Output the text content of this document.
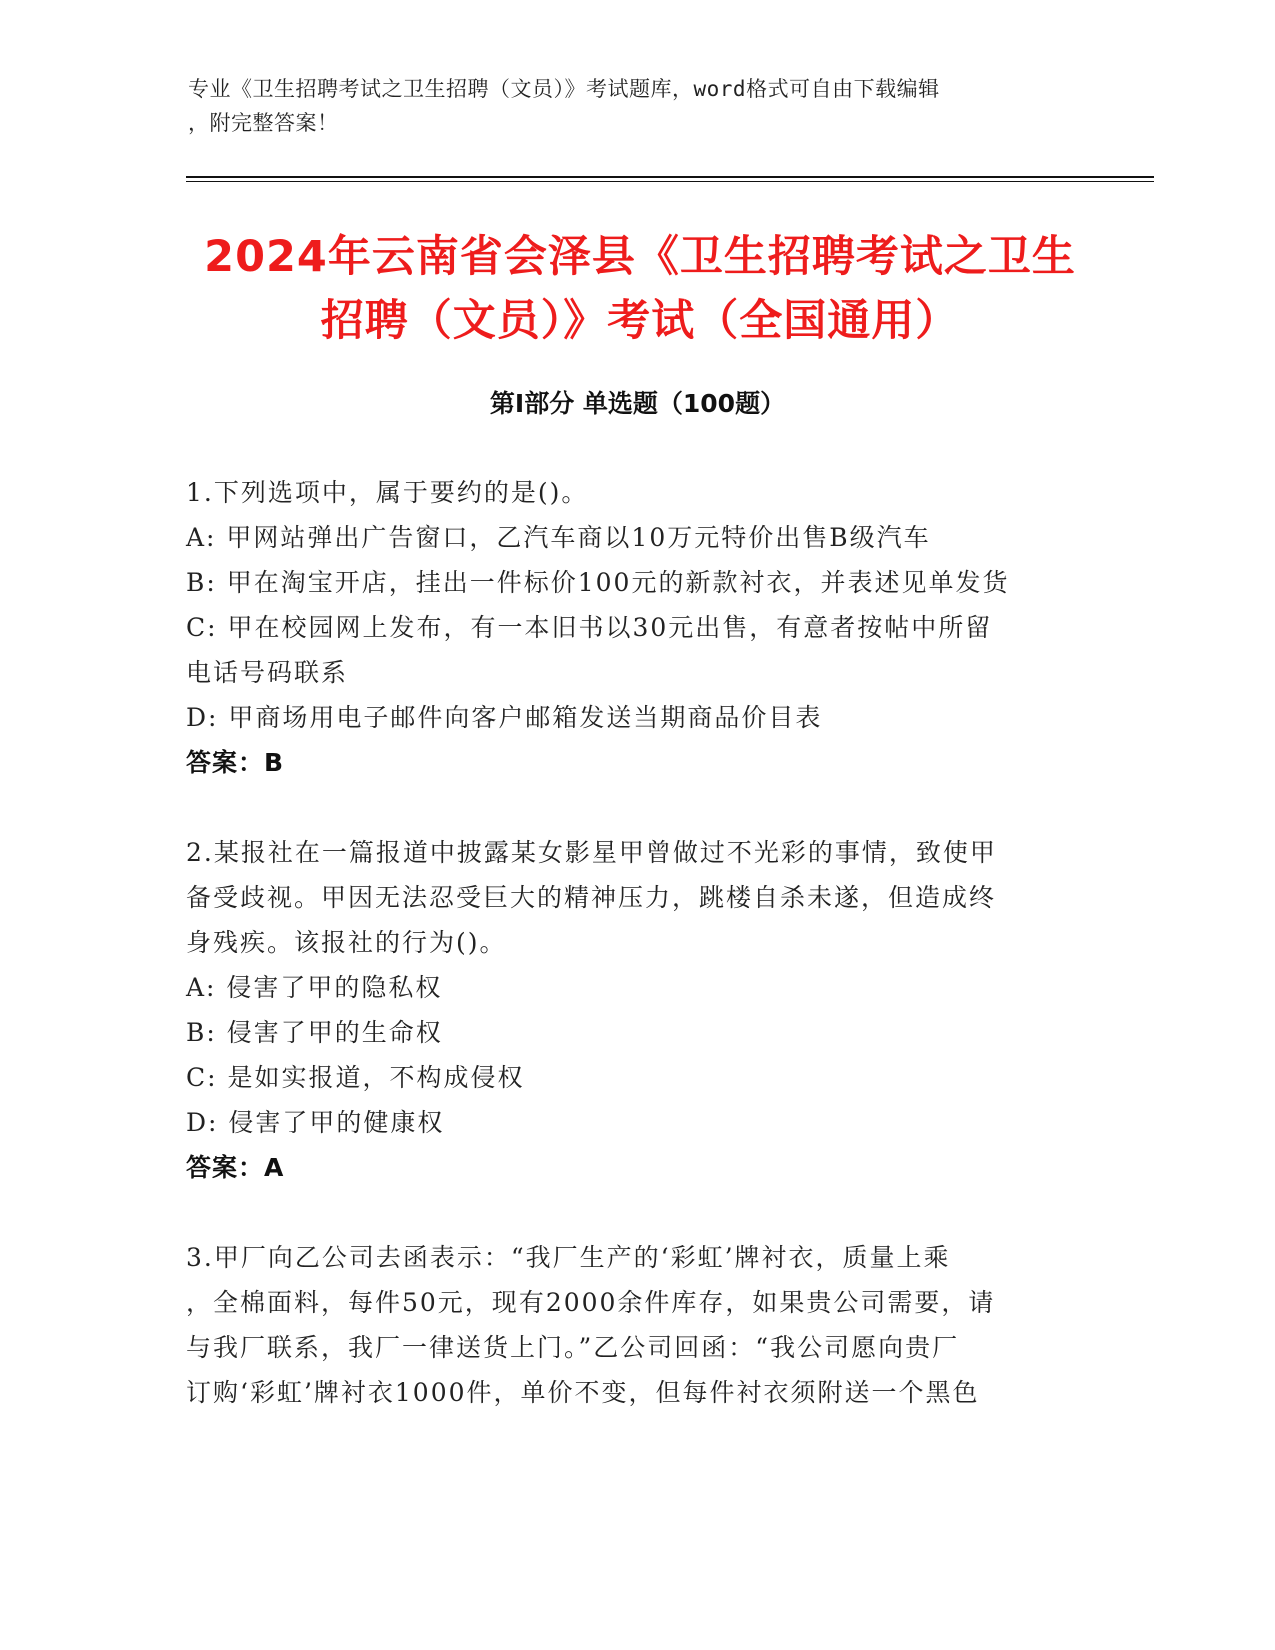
专业《卫生招聘考试之卫生招聘（文员）》考试题库，word格式可自由下载编辑
，附完整答案！
2024年云南省会泽县《卫生招聘考试之卫生
招聘（文员）》考试（全国通用）
第Ⅰ部分 单选题（100题）
1.下列选项中，属于要约的是()。
A: 甲网站弹出广告窗口，乙汽车商以10万元特价出售B级汽车
B: 甲在淘宝开店，挂出一件标价100元的新款衬衣，并表述见单发货
C: 甲在校园网上发布，有一本旧书以30元出售，有意者按帖中所留
电话号码联系
D: 甲商场用电子邮件向客户邮箱发送当期商品价目表
答案：B
2.某报社在一篇报道中披露某女影星甲曾做过不光彩的事情，致使甲
备受歧视。甲因无法忍受巨大的精神压力，跳楼自杀未遂，但造成终
身残疾。该报社的行为()。
A: 侵害了甲的隐私权
B: 侵害了甲的生命权
C: 是如实报道，不构成侵权
D: 侵害了甲的健康权
答案：A
3.甲厂向乙公司去函表示：“我厂生产的‘彩虹’牌衬衣，质量上乘
，全棉面料，每件50元，现有2000余件库存，如果贵公司需要，请
与我厂联系，我厂一律送货上门。”乙公司回函：“我公司愿向贵厂
订购‘彩虹’牌衬衣1000件，单价不变，但每件衬衣须附送一个黑色
